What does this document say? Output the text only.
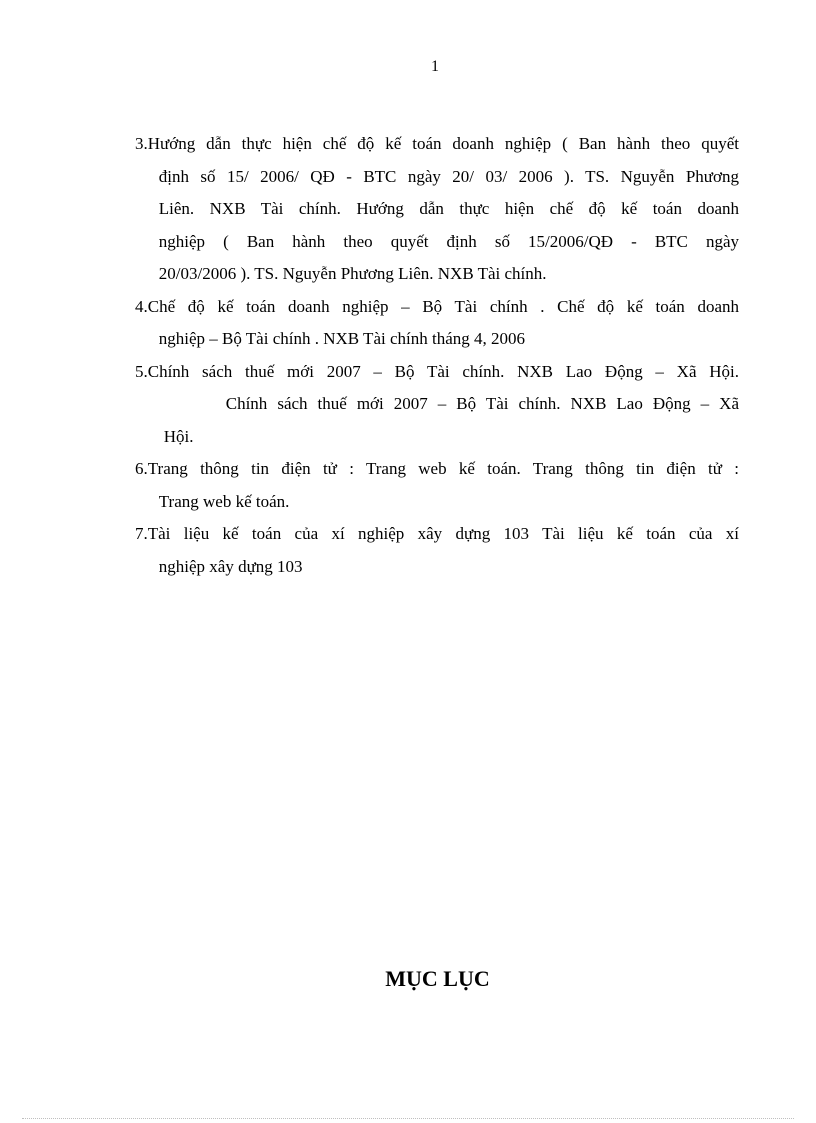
1
3. Hướng dẫn thực hiện chế độ kế toán doanh nghiệp ( Ban hành theo quyết
định số 15/ 2006/ QĐ - BTC ngày 20/ 03/ 2006 ). TS. Nguyễn Phương
Liên. NXB Tài chính. Hướng dẫn thực hiện chế độ kế toán doanh
nghiệp ( Ban hành theo quyết định số 15/2006/QĐ - BTC ngày
20/03/2006 ). TS. Nguyễn Phương Liên. NXB Tài chính.
4. Chế độ kế toán doanh nghiệp – Bộ Tài chính . Chế độ kế toán doanh
nghiệp – Bộ Tài chính . NXB Tài chính tháng 4, 2006
5. Chính sách thuế mới 2007 – Bộ Tài chính. NXB Lao Động – Xã Hội.
Chính sách thuế mới 2007 – Bộ Tài chính. NXB Lao Động – Xã
Hội.
6. Trang thông tin điện tử : Trang web kế toán. Trang thông tin điện tử :
Trang web kế toán.
7. Tài liệu kế toán của xí nghiệp xây dựng 103 Tài liệu kế toán của xí
nghiệp xây dựng 103
MỤC LỤC
